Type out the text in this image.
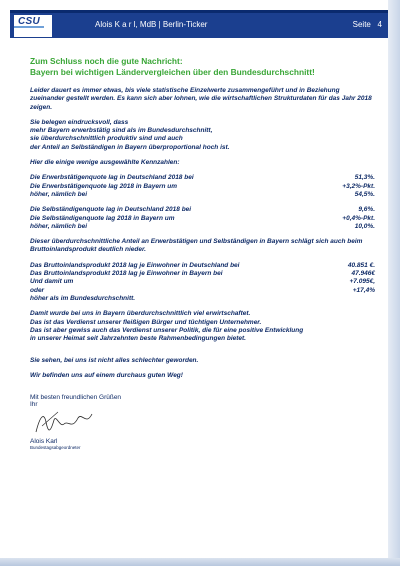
CSU	Alois K a r l, MdB | Berlin-Ticker	Seite 4
Zum Schluss noch die gute Nachricht:
Bayern bei wichtigen Ländervergleichen über den Bundesdurchschnitt!
Leider dauert es immer etwas, bis viele statistische Einzelwerte zusammengeführt und in Beziehung zueinander gestellt werden. Es kann sich aber lohnen, wie die wirtschaftlichen Strukturdaten für das Jahr 2018 zeigen.
Sie belegen eindrucksvoll, dass
mehr Bayern erwerbstätig sind als im Bundesdurchschnitt,
sie überdurchschnittlich produktiv sind und auch
der Anteil an Selbständigen in Bayern überproportional hoch ist.
Hier die einige wenige ausgewählte Kennzahlen:
Die Erwerbstätigenquote lag in Deutschland 2018 bei	51,3%.
Die Erwerbstätigenquote lag 2018 in Bayern um	+3,2%-Pkt.
höher, nämlich bei	54,5%.
Die Selbständigenquote lag in Deutschland 2018 bei	9,6%.
Die Selbständigenquote lag 2018 in Bayern um	+0,4%-Pkt.
höher, nämlich bei	10,0%.
Dieser überdurchschnittliche Anteil an Erwerbstätigen und Selbständigen in Bayern schlägt sich auch beim Bruttoinlandsprodukt deutlich nieder.
Das Bruttoinlandsprodukt 2018 lag je Einwohner in Deutschland bei	40.851 €.
Das Bruttoinlandsprodukt 2018 lag je Einwohner in Bayern bei	47.946€
Und damit um	+7.095€,
oder	+17,4%
höher als im Bundesdurchschnitt.
Damit wurde bei uns in Bayern überdurchschnittlich viel erwirtschaftet.
Das ist das Verdienst unserer fleißigen Bürger und tüchtigen Unternehmer.
Das ist aber gewiss auch das Verdienst unserer Politik, die für eine positive Entwicklung
in unserer Heimat seit Jahrzehnten beste Rahmenbedingungen bietet.
Sie sehen, bei uns ist nicht alles schlechter geworden.
Wir befinden uns auf einem durchaus guten Weg!
Mit besten freundlichen Grüßen
Ihr
Alois Karl
Bundestagsabgeordneter
